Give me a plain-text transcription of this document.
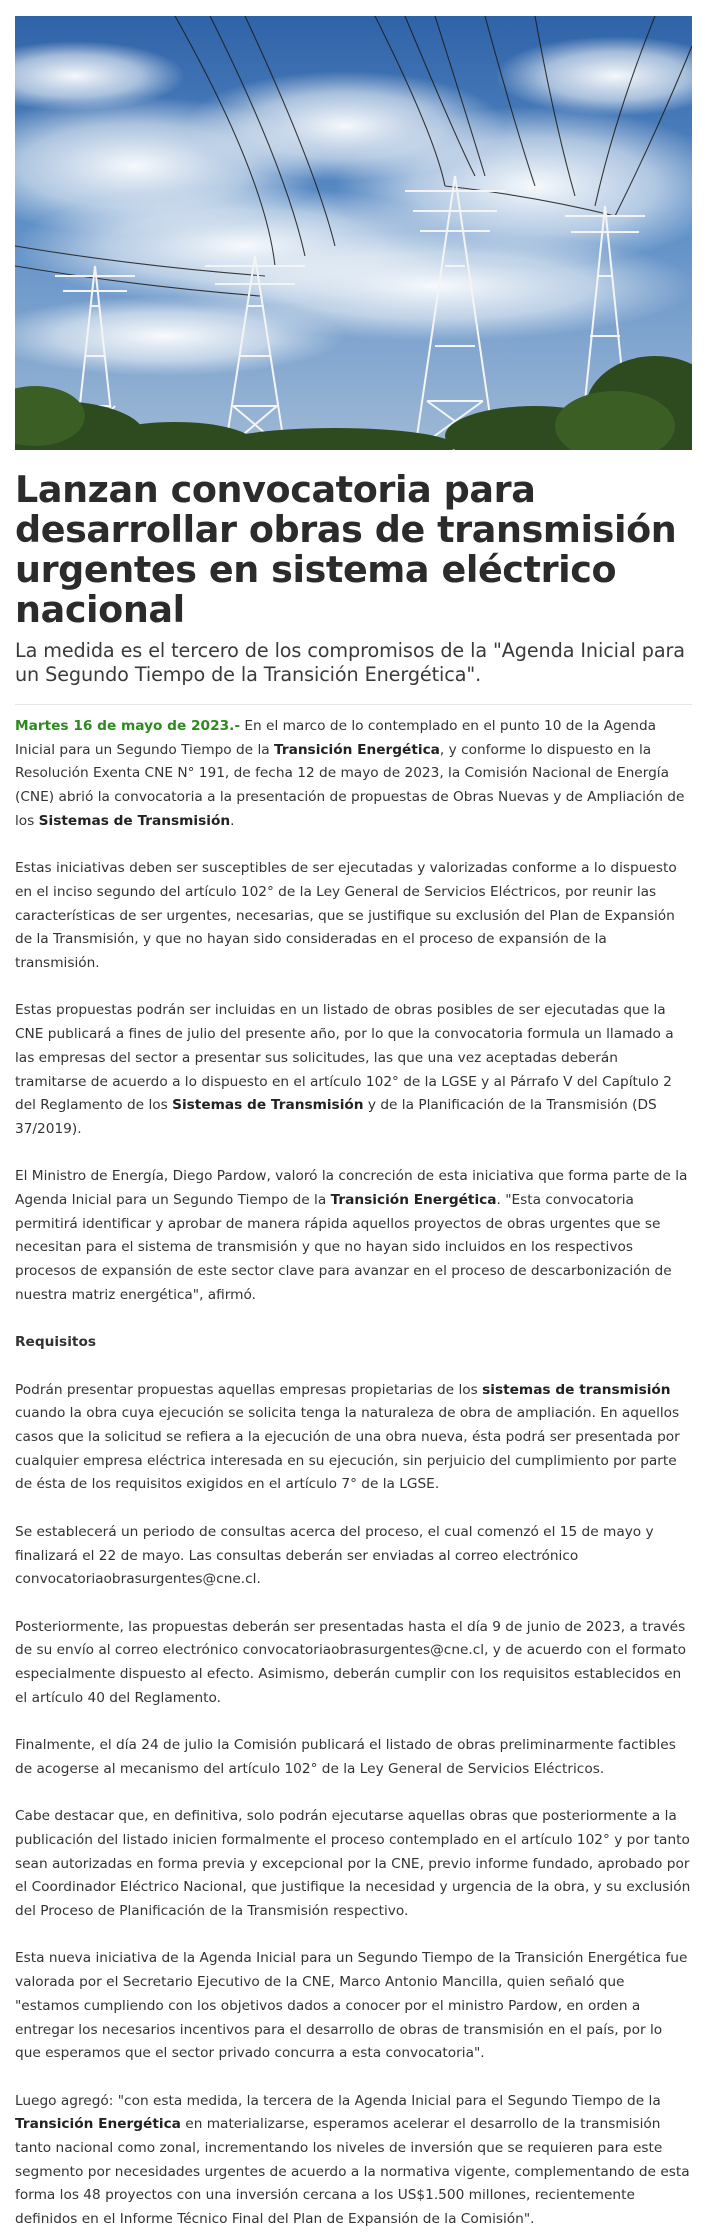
Lanzan convocatoria para desarrollar obras de transmisión urgentes en sistema eléctrico nacional
La medida es el tercero de los compromisos de la "Agenda Inicial para un Segundo Tiempo de la Transición Energética".

Martes 16 de mayo de 2023.- En el marco de lo contemplado en el punto 10 de la Agenda Inicial para un Segundo Tiempo de la Transición Energética, y conforme lo dispuesto en la Resolución Exenta CNE N° 191, de fecha 12 de mayo de 2023, la Comisión Nacional de Energía (CNE) abrió la convocatoria a la presentación de propuestas de Obras Nuevas y de Ampliación de los Sistemas de Transmisión.

Estas iniciativas deben ser susceptibles de ser ejecutadas y valorizadas conforme a lo dispuesto en el inciso segundo del artículo 102° de la Ley General de Servicios Eléctricos, por reunir las características de ser urgentes, necesarias, que se justifique su exclusión del Plan de Expansión de la Transmisión, y que no hayan sido consideradas en el proceso de expansión de la transmisión.

Estas propuestas podrán ser incluidas en un listado de obras posibles de ser ejecutadas que la CNE publicará a fines de julio del presente año, por lo que la convocatoria formula un llamado a las empresas del sector a presentar sus solicitudes, las que una vez aceptadas deberán tramitarse de acuerdo a lo dispuesto en el artículo 102° de la LGSE y al Párrafo V del Capítulo 2 del Reglamento de los Sistemas de Transmisión y de la Planificación de la Transmisión (DS 37/2019).

El Ministro de Energía, Diego Pardow, valoró la concreción de esta iniciativa que forma parte de la Agenda Inicial para un Segundo Tiempo de la Transición Energética. "Esta convocatoria permitirá identificar y aprobar de manera rápida aquellos proyectos de obras urgentes que se necesitan para el sistema de transmisión y que no hayan sido incluidos en los respectivos procesos de expansión de este sector clave para avanzar en el proceso de descarbonización de nuestra matriz energética", afirmó.

Requisitos

Podrán presentar propuestas aquellas empresas propietarias de los sistemas de transmisión cuando la obra cuya ejecución se solicita tenga la naturaleza de obra de ampliación. En aquellos casos que la solicitud se refiera a la ejecución de una obra nueva, ésta podrá ser presentada por cualquier empresa eléctrica interesada en su ejecución, sin perjuicio del cumplimiento por parte de ésta de los requisitos exigidos en el artículo 7° de la LGSE.

Se establecerá un periodo de consultas acerca del proceso, el cual comenzó el 15 de mayo y finalizará el 22 de mayo. Las consultas deberán ser enviadas al correo electrónico convocatoriaobrasurgentes@cne.cl.

Posteriormente, las propuestas deberán ser presentadas hasta el día 9 de junio de 2023, a través de su envío al correo electrónico convocatoriaobrasurgentes@cne.cl, y de acuerdo con el formato especialmente dispuesto al efecto. Asimismo, deberán cumplir con los requisitos establecidos en el artículo 40 del Reglamento.

Finalmente, el día 24 de julio la Comisión publicará el listado de obras preliminarmente factibles de acogerse al mecanismo del artículo 102° de la Ley General de Servicios Eléctricos.

Cabe destacar que, en definitiva, solo podrán ejecutarse aquellas obras que posteriormente a la publicación del listado inicien formalmente el proceso contemplado en el artículo 102° y por tanto sean autorizadas en forma previa y excepcional por la CNE, previo informe fundado, aprobado por el Coordinador Eléctrico Nacional, que justifique la necesidad y urgencia de la obra, y su exclusión del Proceso de Planificación de la Transmisión respectivo.

Esta nueva iniciativa de la Agenda Inicial para un Segundo Tiempo de la Transición Energética fue valorada por el Secretario Ejecutivo de la CNE, Marco Antonio Mancilla, quien señaló que "estamos cumpliendo con los objetivos dados a conocer por el ministro Pardow, en orden a entregar los necesarios incentivos para el desarrollo de obras de transmisión en el país, por lo que esperamos que el sector privado concurra a esta convocatoria".

Luego agregó: "con esta medida, la tercera de la Agenda Inicial para el Segundo Tiempo de la Transición Energética en materializarse, esperamos acelerar el desarrollo de la transmisión tanto nacional como zonal, incrementando los niveles de inversión que se requieren para este segmento por necesidades urgentes de acuerdo a la normativa vigente, complementando de esta forma los 48 proyectos con una inversión cercana a los US$1.500 millones, recientemente definidos en el Informe Técnico Final del Plan de Expansión de la Comisión".
